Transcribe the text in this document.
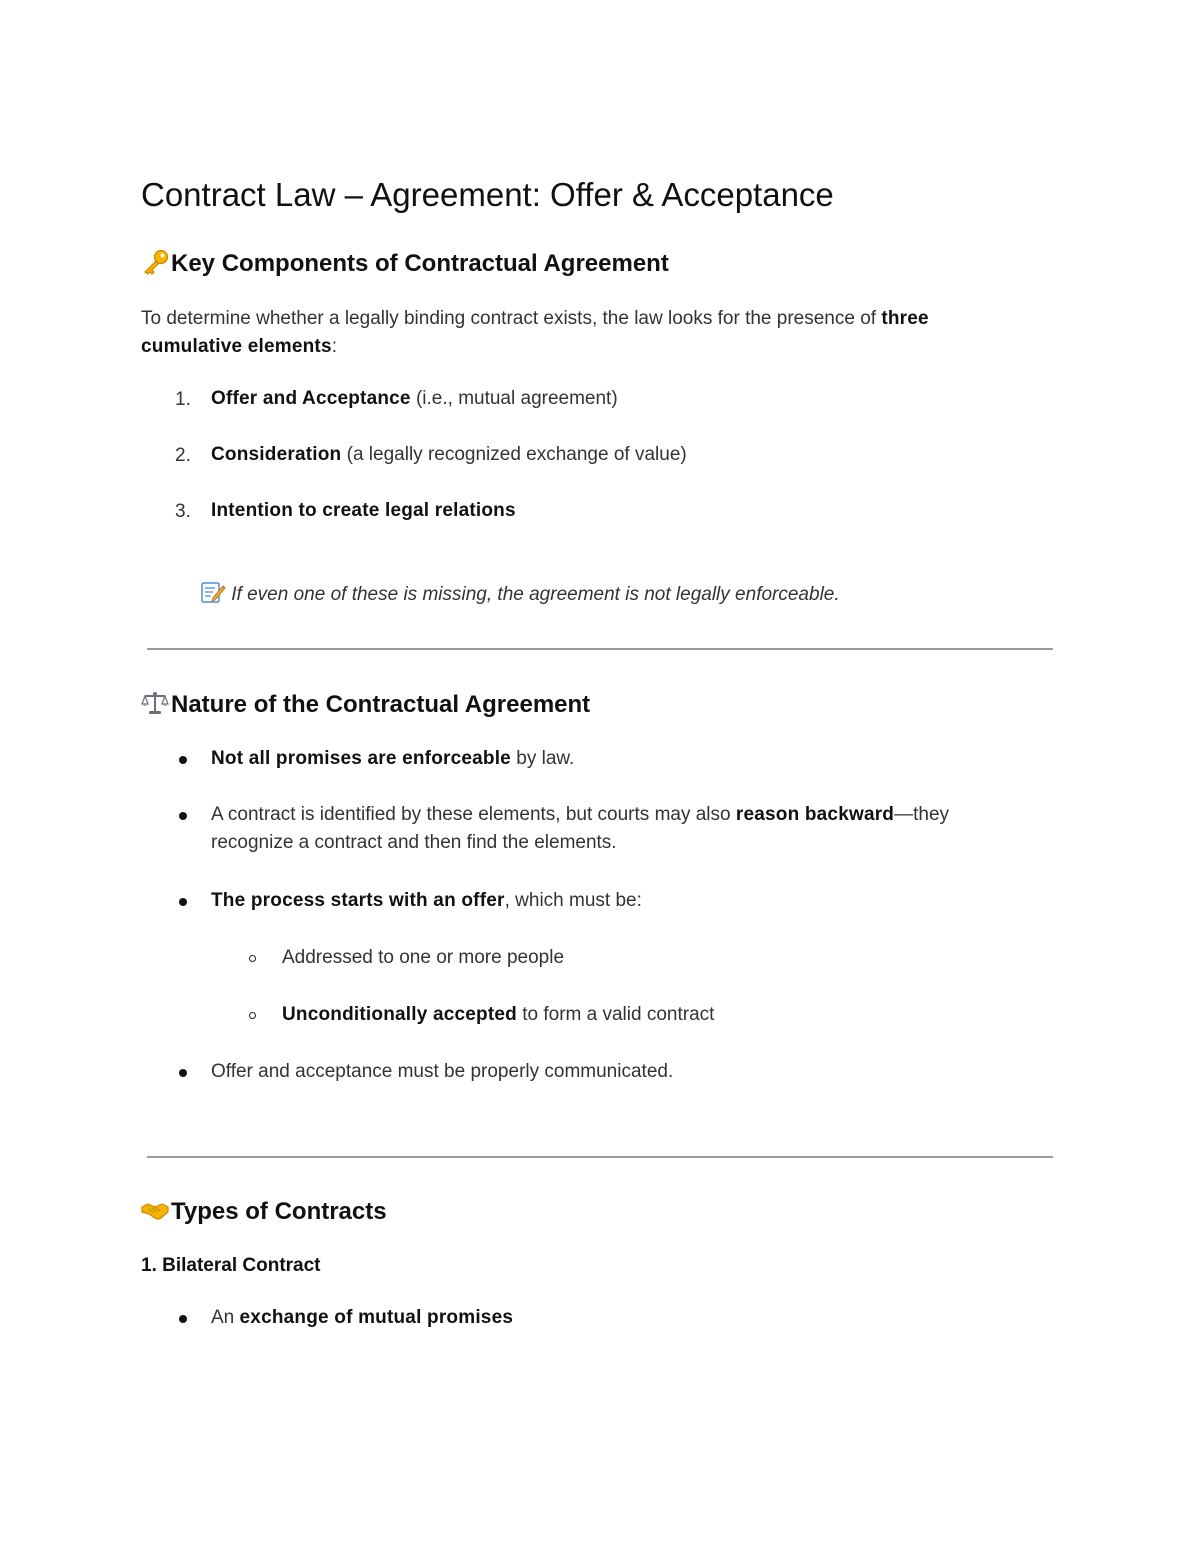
Contract Law – Agreement: Offer & Acceptance
Key Components of Contractual Agreement
To determine whether a legally binding contract exists, the law looks for the presence of three
cumulative elements:
1. Offer and Acceptance (i.e., mutual agreement)
2. Consideration (a legally recognized exchange of value)
3. Intention to create legal relations
If even one of these is missing, the agreement is not legally enforceable.
Nature of the Contractual Agreement
Not all promises are enforceable by law.
A contract is identified by these elements, but courts may also reason backward—they
recognize a contract and then find the elements.
The process starts with an offer, which must be:
Addressed to one or more people
Unconditionally accepted to form a valid contract
Offer and acceptance must be properly communicated.
Types of Contracts
1. Bilateral Contract
An exchange of mutual promises
